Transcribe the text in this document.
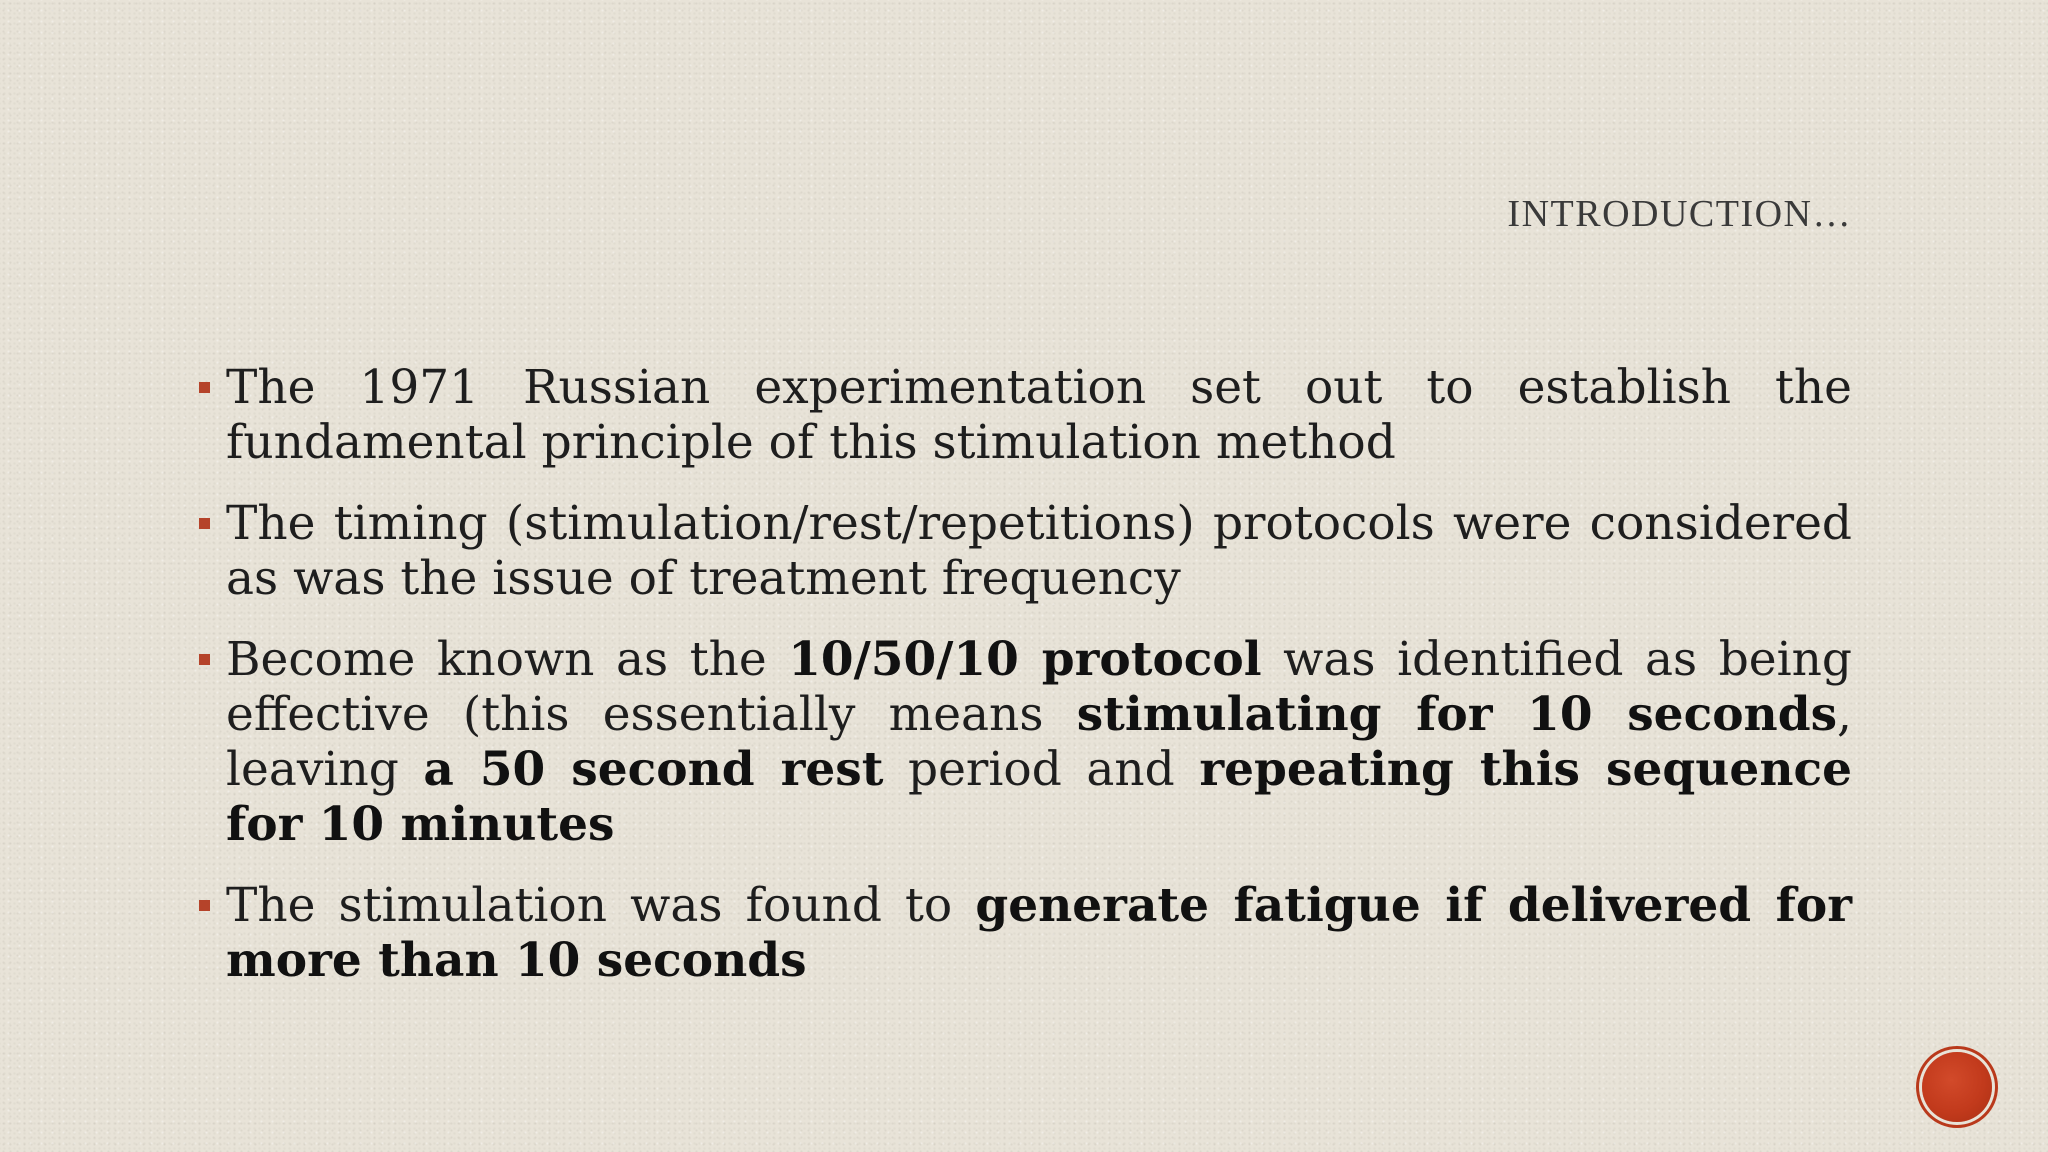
INTRODUCTION…
The 1971 Russian experimentation set out to establish the fundamental principle of this stimulation method
The timing (stimulation/rest/repetitions) protocols were considered as was the issue of treatment frequency
Become known as the 10/50/10 protocol was identified as being effective (this essentially means stimulating for 10 seconds, leaving a 50 second rest period and repeating this sequence for 10 minutes
The stimulation was found to generate fatigue if delivered for more than 10 seconds
